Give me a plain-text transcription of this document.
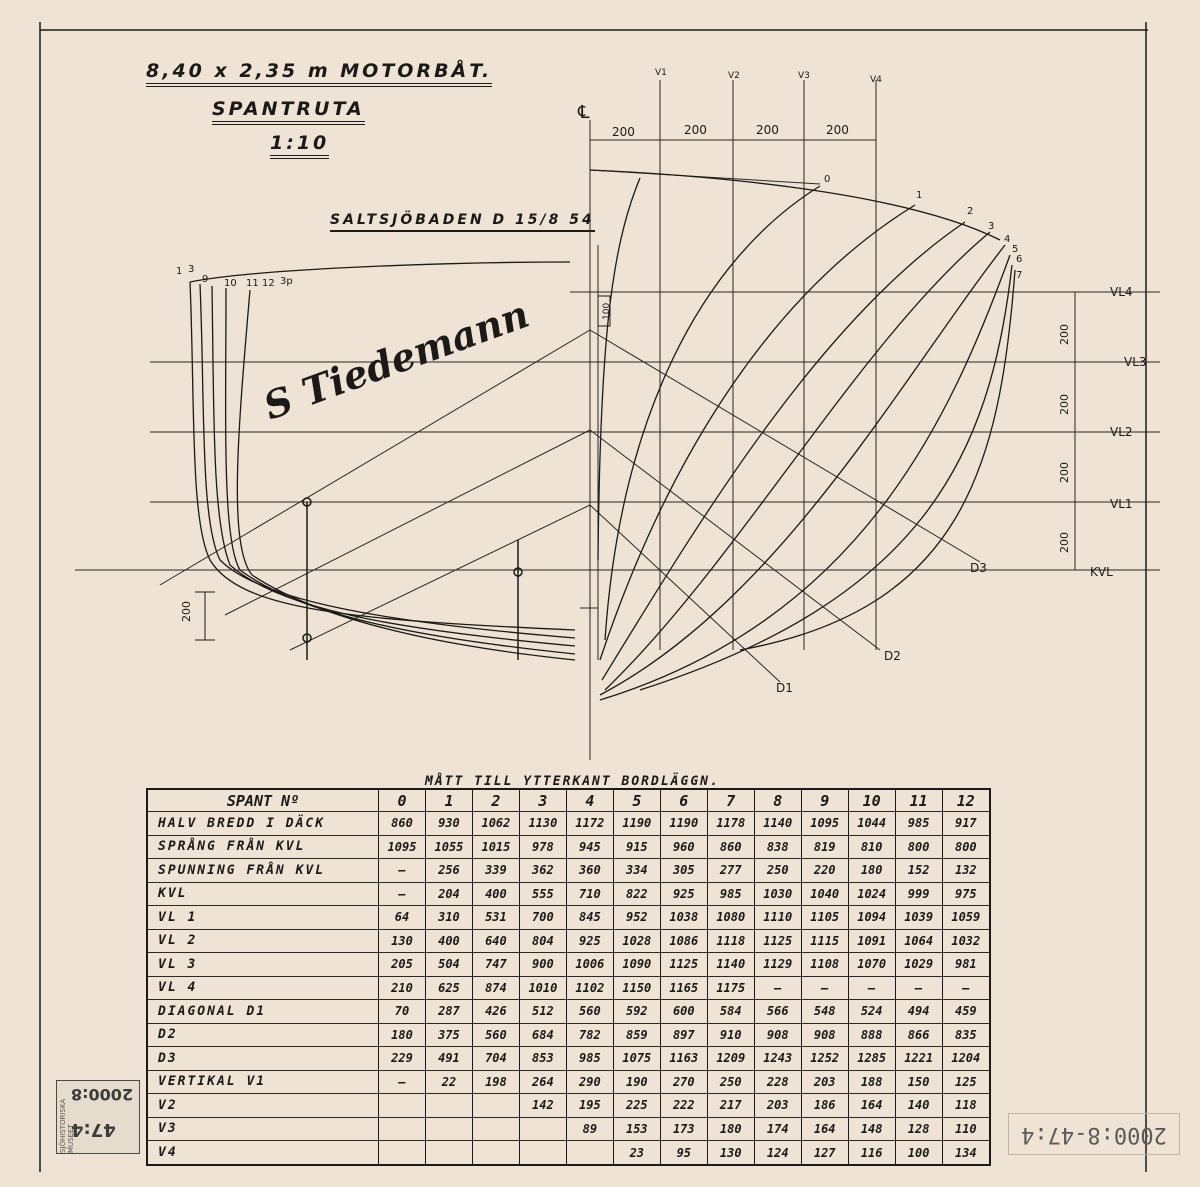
8,40 x 2,35 m MOTORBÅT.
SPANTRUTA
1:10
SALTSJÖBADEN D 15/8 54
0
1
2
3
4
5
6
7
1 3
9 10 11 12 3p
200
100
℄
V1	V2	V3	V4
200	200	200	200
VL4
VL3
VL2
VL1
KVL
200
200
200
200
D1
D2
D3
S Tiedemann
MÅTT TILL YTTERKANT BORDLÄGGN.
SPANT Nº	0	1	2	3	4	5	6	7	8	9	10	11	12
HALV BREDD I DÄCK	860	930	1062	1130	1172	1190	1190	1178	1140	1095	1044	985	917
SPRÅNG FRÅN KVL	1095	1055	1015	978	945	915	960	860	838	819	810	800	800
SPUNNING FRÅN KVL	—	256	339	362	360	334	305	277	250	220	180	152	132
KVL	—	204	400	555	710	822	925	985	1030	1040	1024	999	975
VL 1	64	310	531	700	845	952	1038	1080	1110	1105	1094	1039	1059
VL 2	130	400	640	804	925	1028	1086	1118	1125	1115	1091	1064	1032
VL 3	205	504	747	900	1006	1090	1125	1140	1129	1108	1070	1029	981
VL 4	210	625	874	1010	1102	1150	1165	1175	—	—	—	—	—
DIAGONAL D1	70	287	426	512	560	592	600	584	566	548	524	494	459
D2	180	375	560	684	782	859	897	910	908	908	888	866	835
D3	229	491	704	853	985	1075	1163	1209	1243	1252	1285	1221	1204
VERTIKAL V1	—	22	198	264	290	190	270	250	228	203	188	150	125
V2				142	195	225	222	217	203	186	164	140	118
V3					89	153	173	180	174	164	148	128	110
V4						23	95	130	124	127	116	100	134
SJÖHISTORISKA MUSEET
2000:8
47:4	2000:8-47:4
